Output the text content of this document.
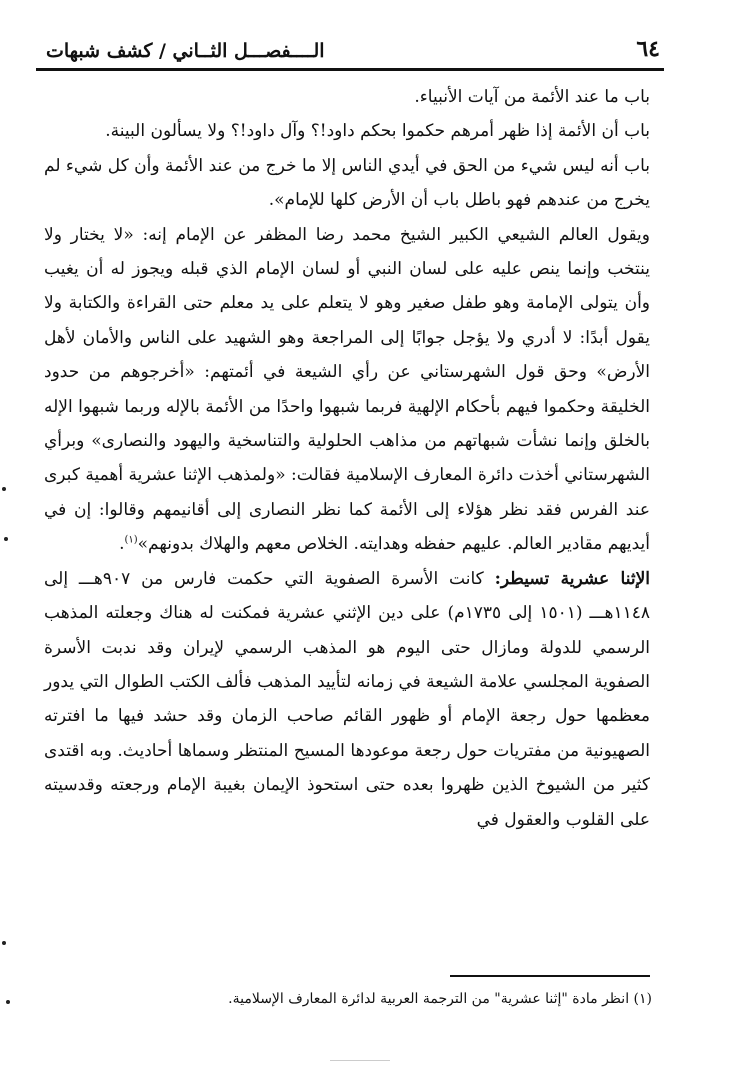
٦٤
الــــفصـــل الثــاني / كشف شبهات

باب ما عند الأئمة من آيات الأنبياء.

باب أن الأئمة إذا ظهر أمرهم حكموا بحكم داود!؟ وآل داود!؟ ولا يسألون البينة.

باب أنه ليس شيء من الحق في أيدي الناس إلا ما خرج من عند الأئمة وأن كل شيء لم يخرج من عندهم فهو باطل باب أن الأرض كلها للإمام».

ويقول العالم الشيعي الكبير الشيخ محمد رضا المظفر عن الإمام إنه: «لا يختار ولا ينتخب وإنما ينص عليه على لسان النبي أو لسان الإمام الذي قبله ويجوز له أن يغيب وأن يتولى الإمامة وهو طفل صغير وهو لا يتعلم على يد معلم حتى القراءة والكتابة ولا يقول أبدًا: لا أدري ولا يؤجل جوابًا إلى المراجعة وهو الشهيد على الناس والأمان لأهل الأرض» وحق قول الشهرستاني عن رأي الشيعة في أئمتهم: «أخرجوهم من حدود الخليقة وحكموا فيهم بأحكام الإلهية فربما شبهوا واحدًا من الأئمة بالإله وربما شبهوا الإله بالخلق وإنما نشأت شبهاتهم من مذاهب الحلولية والتناسخية واليهود والنصارى» وبرأي الشهرستاني أخذت دائرة المعارف الإسلامية فقالت: «ولمذهب الإثنا عشرية أهمية كبرى عند الفرس فقد نظر هؤلاء إلى الأئمة كما نظر النصارى إلى أقانيمهم وقالوا: إن في أيديهم مقادير العالم. عليهم حفظه وهدايته. الخلاص معهم والهلاك بدونهم»$^{(١)}$.

الإثنا عشرية تسيطر: كانت الأسرة الصفوية التي حكمت فارس من ٩٠٧هـــ إلى ١١٤٨هـــ (١٥٠١ إلى ١٧٣٥م) على دين الإثني عشرية فمكنت له هناك وجعلته المذهب الرسمي للدولة ومازال حتى اليوم هو المذهب الرسمي لإيران وقد ندبت الأسرة الصفوية المجلسي علامة الشيعة في زمانه لتأييد المذهب فألف الكتب الطوال التي يدور معظمها حول رجعة الإمام أو ظهور القائم صاحب الزمان وقد حشد فيها ما افترته الصهيونية من مفتريات حول رجعة موعودها المسيح المنتظر وسماها أحاديث. وبه اقتدى كثير من الشيوخ الذين ظهروا بعده حتى استحوذ الإيمان بغيبة الإمام ورجعته وقدسيته على القلوب والعقول في

(١) انظر مادة "إثنا عشرية" من الترجمة العربية لدائرة المعارف الإسلامية.
